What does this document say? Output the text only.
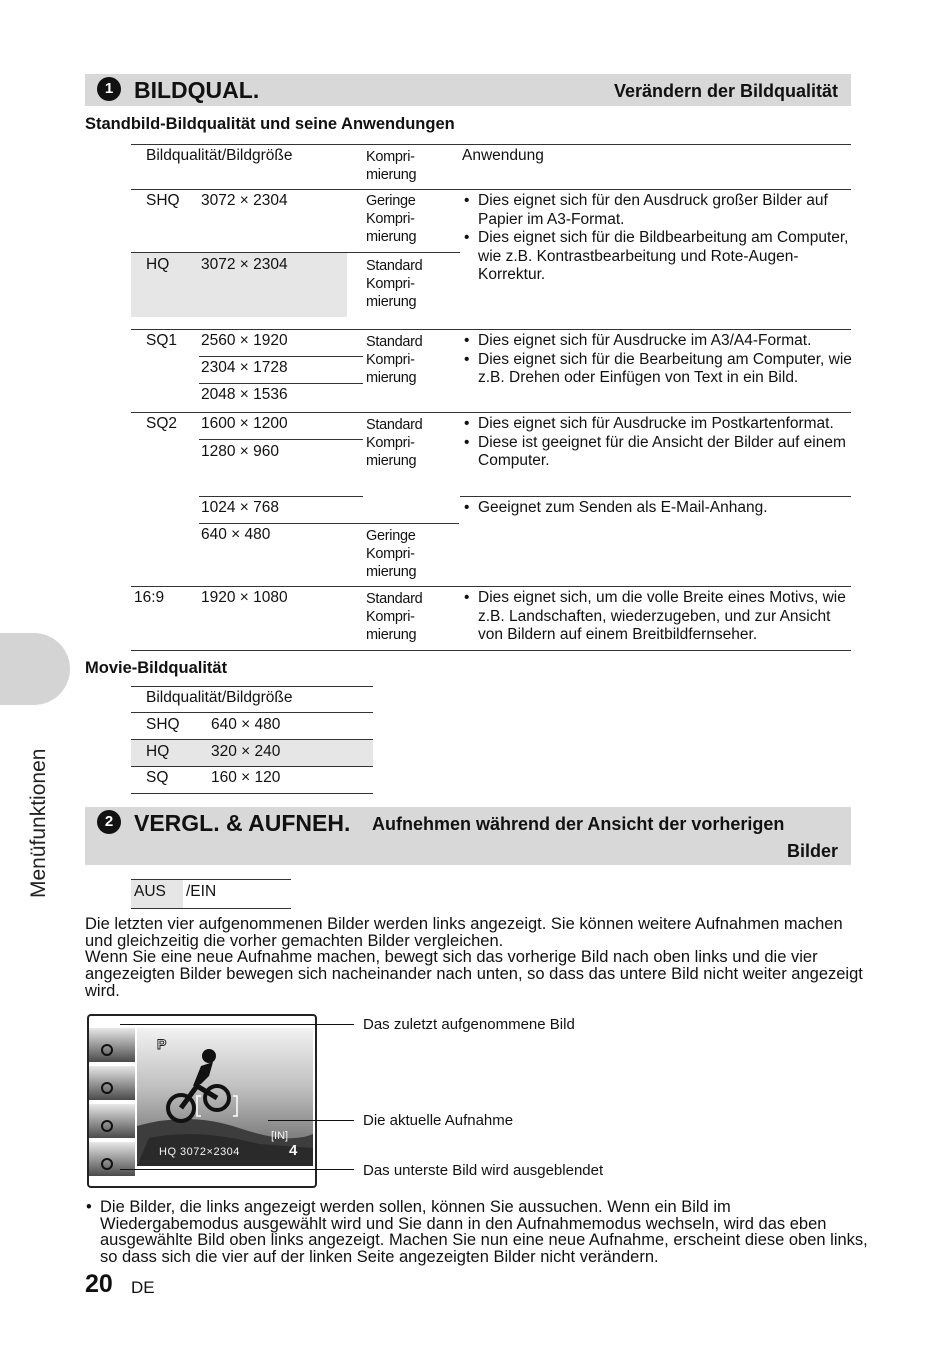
Menüfunktionen
1 BILDQUAL.	Verändern der Bildqualität
Standbild-Bildqualität und seine Anwendungen
Bildqualität/Bildgröße	Kompri-
mierung
Anwendung
SHQ 3072 × 2304	Geringe
Kompri-
mierung
HQ 3072 × 2304	Standard
Kompri-
mierung
• Dies eignet sich für den Ausdruck großer Bilder auf Papier im A3-Format.
• Dies eignet sich für die Bildbearbeitung am Computer, wie z.B. Kontrastbearbeitung und Rote-Augen-Korrektur.
SQ1 2560 × 1920
2304 × 1728
2048 × 1536
Standard
Kompri-
mierung
• Dies eignet sich für Ausdrucke im A3/A4-Format.
• Dies eignet sich für die Bearbeitung am Computer, wie z.B. Drehen oder Einfügen von Text in ein Bild.
SQ2 1600 × 1200
1280 × 960
Standard
Kompri-
mierung
• Dies eignet sich für Ausdrucke im Postkartenformat.
• Diese ist geeignet für die Ansicht der Bilder auf einem Computer.
1024 × 768
•	Geeignet zum Senden als E-Mail-Anhang.
640 × 480	Geringe
Kompri-
mierung
16:9 1920 × 1080	Standard
Kompri-
mierung
• Dies eignet sich, um die volle Breite eines Motivs, wie z.B. Landschaften, wiederzugeben, und zur Ansicht von Bildern auf einem Breitbildfernseher.
Movie-Bildqualität
Bildqualität/Bildgröße
SHQ 640 × 480
HQ	320 × 240
SQ	160 × 120
2 VERGL. & AUFNEH. Aufnehmen während der Ansicht der vorherigen
Bilder
AUS /EIN
Die letzten vier aufgenommenen Bilder werden links angezeigt. Sie können weitere Aufnahmen machen und gleichzeitig die vorher gemachten Bilder vergleichen.
Wenn Sie eine neue Aufnahme machen, bewegt sich das vorherige Bild nach oben links und die vier angezeigten Bilder bewegen sich nacheinander nach unten, so dass das untere Bild nicht weiter angezeigt wird.
P
HQ 3072×2304
[IN]
4
Das zuletzt aufgenommene Bild
Die aktuelle Aufnahme
Das unterste Bild wird ausgeblendet
• Die Bilder, die links angezeigt werden sollen, können Sie aussuchen. Wenn ein Bild im Wiedergabemodus ausgewählt wird und Sie dann in den Aufnahmemodus wechseln, wird das eben ausgewählte Bild oben links angezeigt. Machen Sie nun eine neue Aufnahme, erscheint diese oben links, so dass sich die vier auf der linken Seite angezeigten Bilder nicht verändern.
20 DE
